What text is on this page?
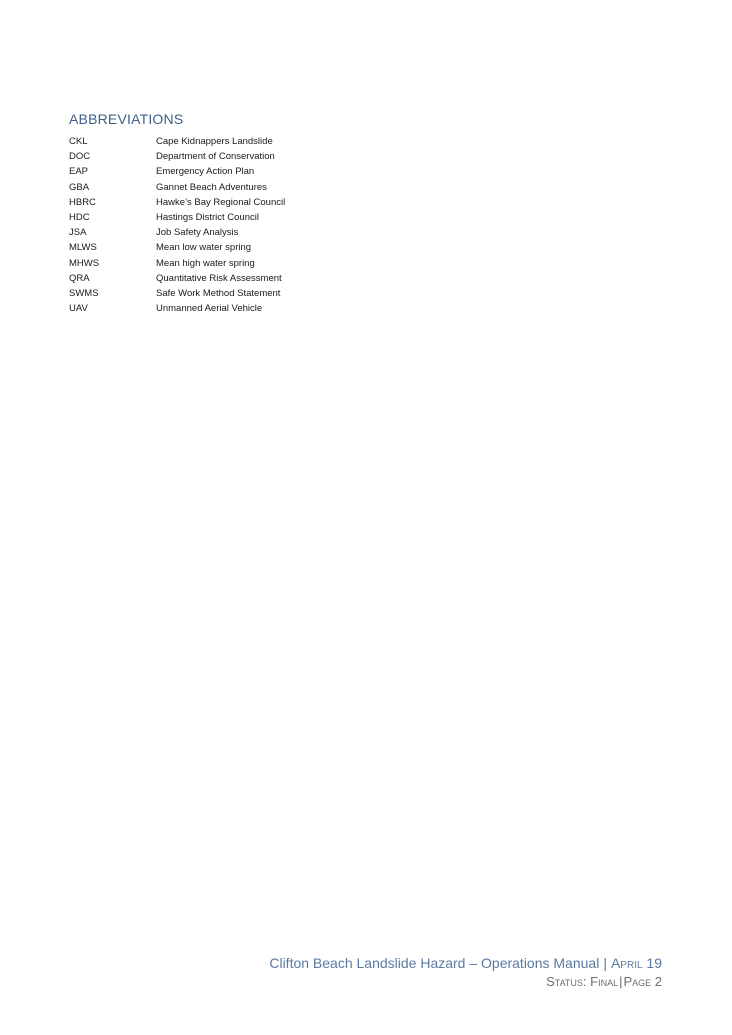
ABBREVIATIONS
CKL	Cape Kidnappers Landslide
DOC	Department of Conservation
EAP	Emergency Action Plan
GBA	Gannet Beach Adventures
HBRC	Hawke’s Bay Regional Council
HDC	Hastings District Council
JSA	Job Safety Analysis
MLWS	Mean low water spring
MHWS	Mean high water spring
QRA	Quantitative Risk Assessment
SWMS	Safe Work Method Statement
UAV	Unmanned Aerial Vehicle
Clifton Beach Landslide Hazard – Operations Manual | April 19
Status: Final|Page 2
